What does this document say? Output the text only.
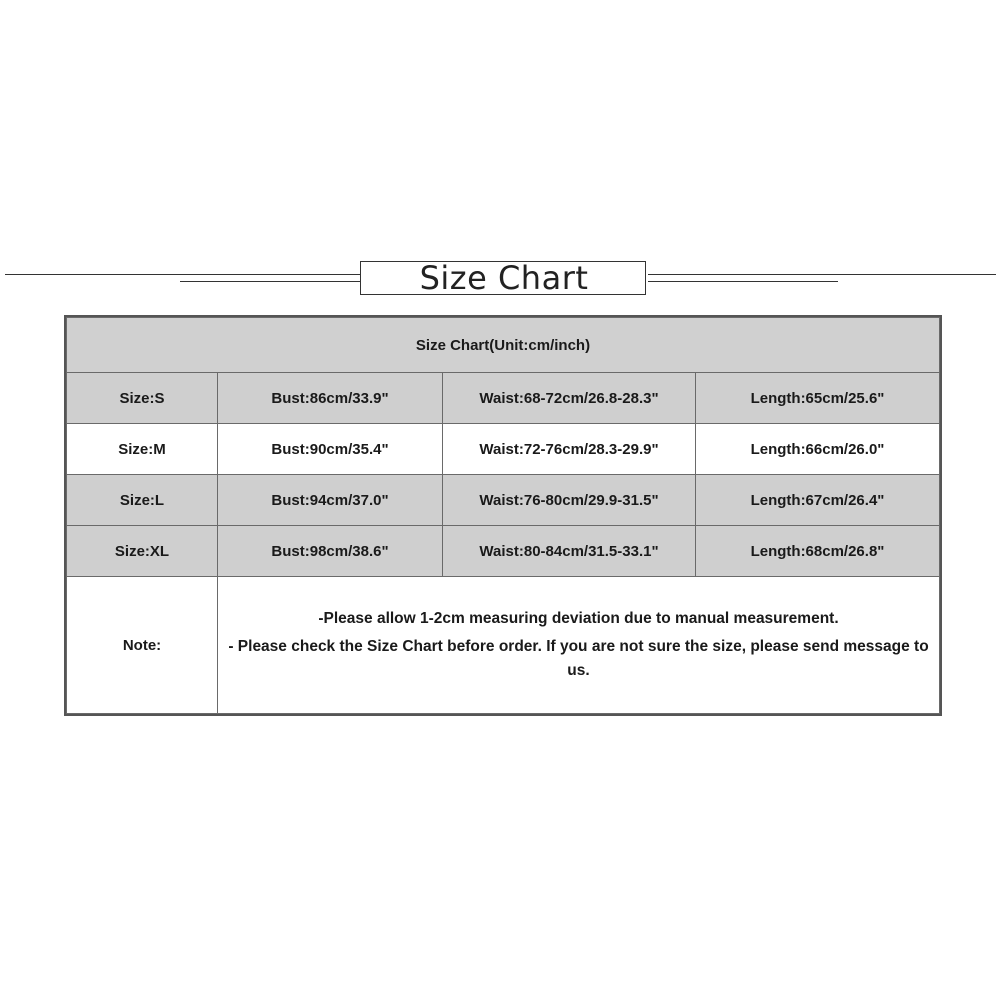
Size Chart
Size Chart(Unit:cm/inch)			
Size:S	Bust:86cm/33.9"	Waist:68-72cm/26.8-28.3"	Length:65cm/25.6"
Size:M	Bust:90cm/35.4"	Waist:72-76cm/28.3-29.9"	Length:66cm/26.0"
Size:L	Bust:94cm/37.0"	Waist:76-80cm/29.9-31.5"	Length:67cm/26.4"
Size:XL	Bust:98cm/38.6"	Waist:80-84cm/31.5-33.1"	Length:68cm/26.8"
Note:	-Please allow 1-2cm measuring deviation due to manual measurement.

- Please check the Size Chart before order. If you are not sure the size, please send message to us.		
